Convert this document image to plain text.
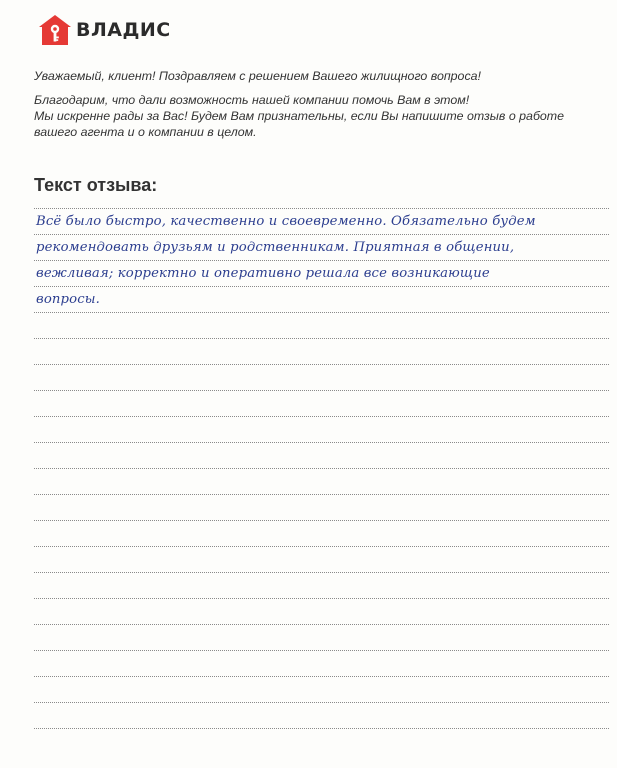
ВЛАДИС

Уважаемый, клиент! Поздравляем с решением Вашего жилищного вопроса!

Благодарим, что дали возможность нашей компании помочь Вам в этом!

Мы искренне рады за Вас! Будем Вам признательны, если Вы напишите отзыв о работе

вашего агента и о компании в целом.

Текст отзыва:
Всё было быстро, качественно и своевременно. Обязательно будем
рекомендовать друзьям и родственникам. Приятная в общении,
вежливая; корректно и оперативно решала все возникающие
вопросы.
